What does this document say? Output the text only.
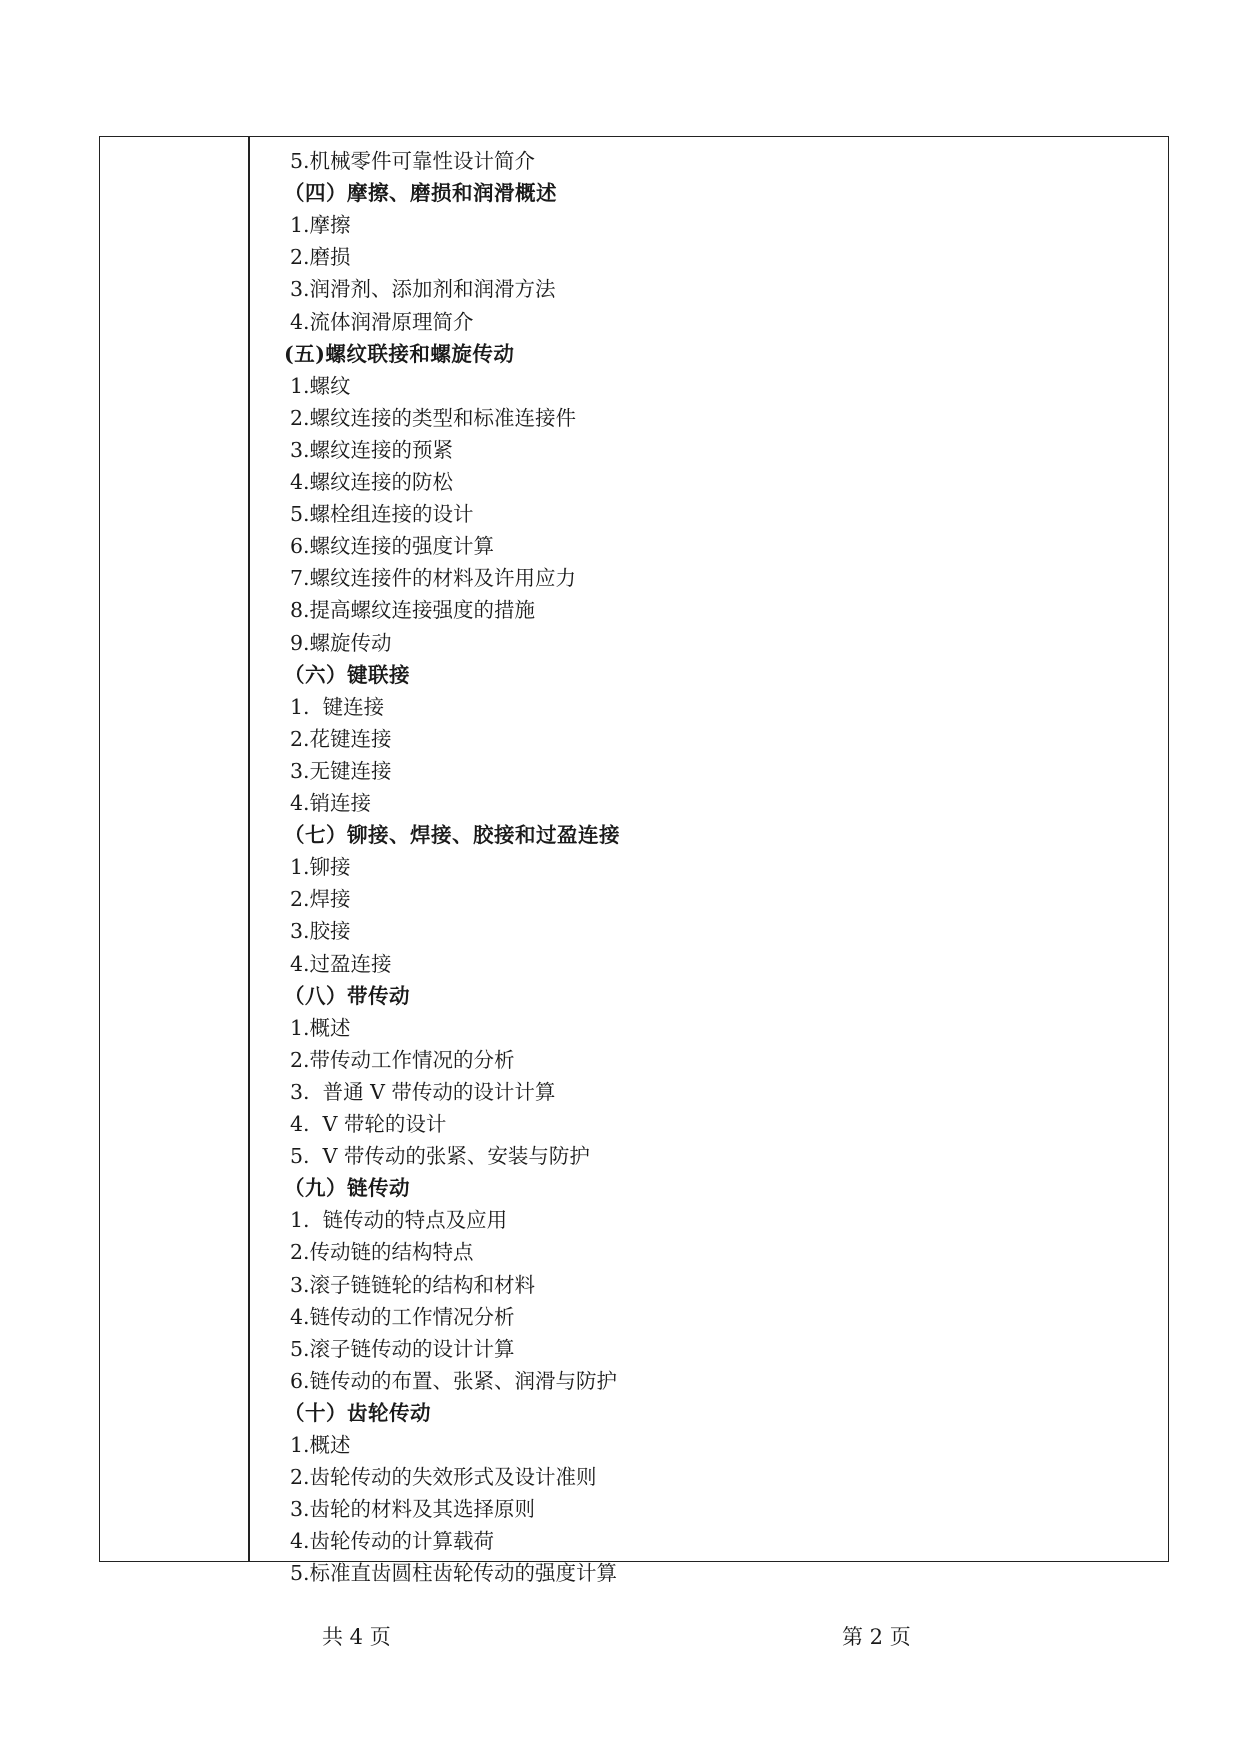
5.机械零件可靠性设计简介
（四）摩擦、磨损和润滑概述
1.摩擦
2.磨损
3.润滑剂、添加剂和润滑方法
4.流体润滑原理简介
(五)螺纹联接和螺旋传动
1.螺纹
2.螺纹连接的类型和标准连接件
3.螺纹连接的预紧
4.螺纹连接的防松
5.螺栓组连接的设计
6.螺纹连接的强度计算
7.螺纹连接件的材料及许用应力
8.提高螺纹连接强度的措施
9.螺旋传动
（六）键联接
1.  键连接
2.花键连接
3.无键连接
4.销连接
（七）铆接、焊接、胶接和过盈连接
1.铆接
2.焊接
3.胶接
4.过盈连接
（八）带传动
1.概述
2.带传动工作情况的分析
3.  普通 V 带传动的设计计算
4.  V 带轮的设计
5.  V 带传动的张紧、安装与防护
（九）链传动
1.  链传动的特点及应用
2.传动链的结构特点
3.滚子链链轮的结构和材料
4.链传动的工作情况分析
5.滚子链传动的设计计算
6.链传动的布置、张紧、润滑与防护
（十）齿轮传动
1.概述
2.齿轮传动的失效形式及设计准则
3.齿轮的材料及其选择原则
4.齿轮传动的计算载荷
5.标准直齿圆柱齿轮传动的强度计算
共 4 页	第 2 页
